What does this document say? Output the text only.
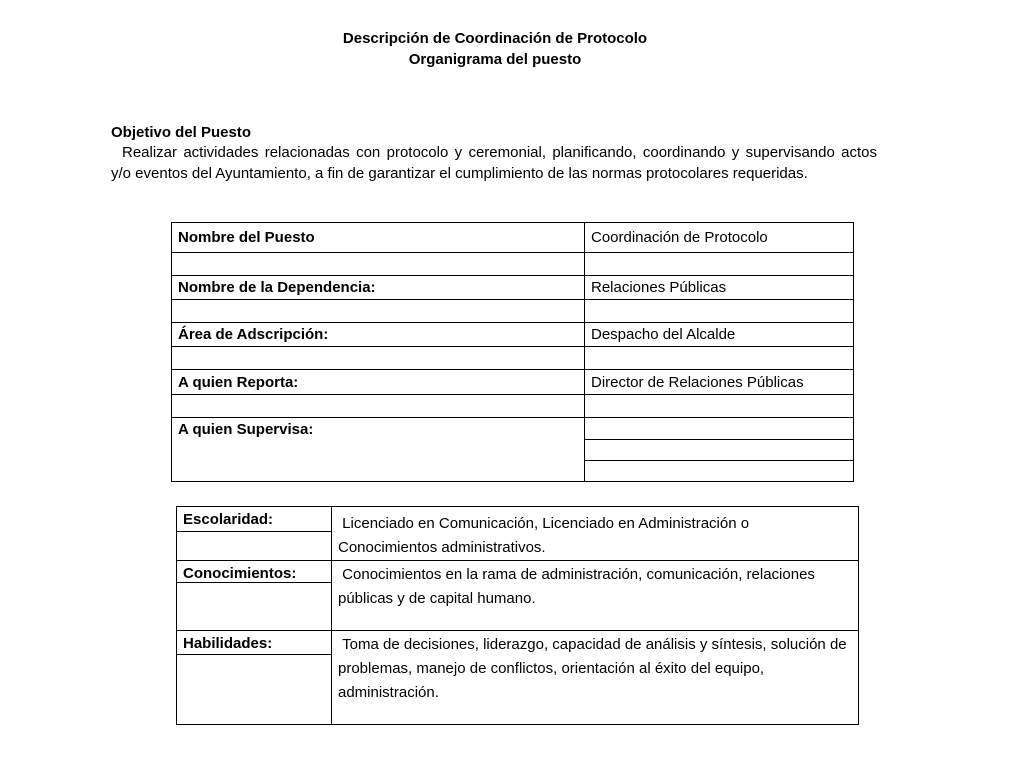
Descripción de Coordinación de Protocolo
Organigrama del puesto
Objetivo del Puesto
Realizar actividades relacionadas con protocolo y ceremonial, planificando, coordinando y supervisando actos y/o eventos del Ayuntamiento, a fin de garantizar el cumplimiento de las normas protocolares requeridas.
Nombre del Puesto	Coordinación de Protocolo

Nombre de la Dependencia:	Relaciones Públicas

Área de Adscripción:	Despacho del Alcalde

A quien Reporta:	Director de Relaciones Públicas

A quien Supervisa:	

Escolaridad:	Licenciado en Comunicación, Licenciado en Administración o Conocimientos administrativos.

Conocimientos:	Conocimientos en la rama de administración, comunicación, relaciones públicas y de capital humano.

Habilidades:	Toma de decisiones, liderazgo, capacidad de análisis y síntesis, solución de problemas, manejo de conflictos, orientación al éxito del equipo, administración.
